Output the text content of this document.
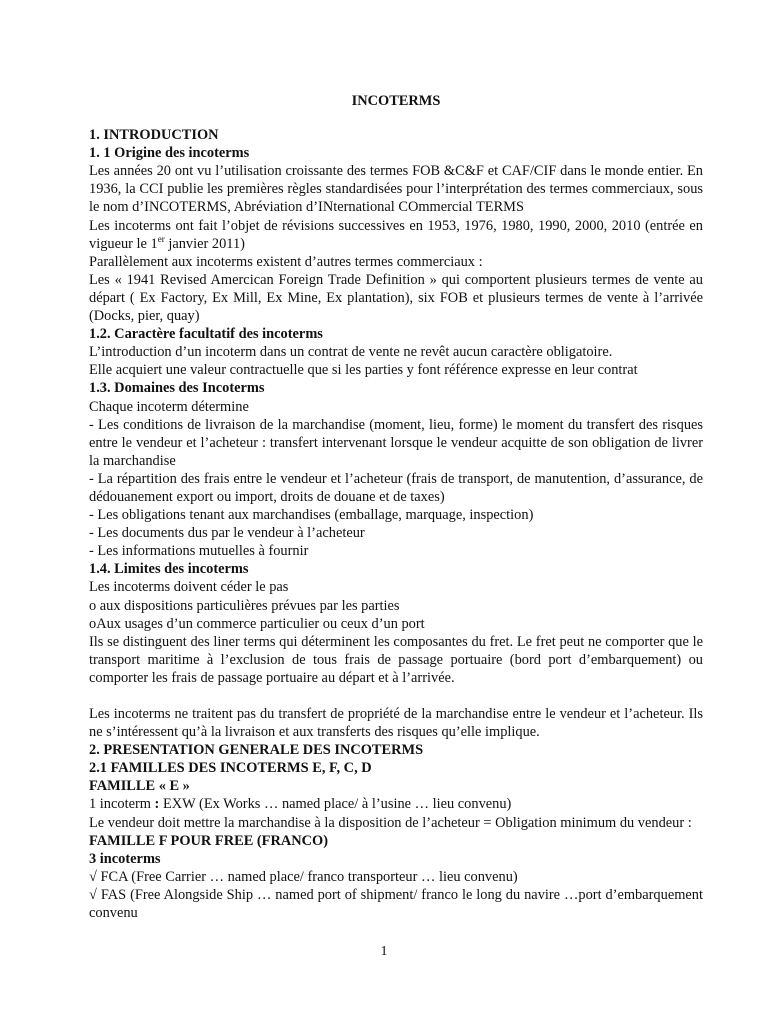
INCOTERMS

1. INTRODUCTION

1. 1 Origine des incoterms

Les années 20 ont vu l’utilisation croissante des termes FOB &C&F et CAF/CIF dans le monde entier. En 1936, la CCI publie les premières règles standardisées pour l’interprétation des termes commerciaux, sous le nom d’INCOTERMS, Abréviation d’INternational COmmercial TERMS

Les incoterms ont fait l’objet de révisions successives en 1953, 1976, 1980, 1990, 2000, 2010 (entrée en vigueur le 1er janvier 2011)

Parallèlement aux incoterms existent d’autres termes commerciaux :

Les « 1941 Revised Amercican Foreign Trade Definition » qui comportent plusieurs termes de vente au départ ( Ex Factory, Ex Mill, Ex Mine, Ex plantation), six FOB et plusieurs termes de vente à l’arrivée (Docks, pier, quay)

1.2. Caractère facultatif des incoterms

L’introduction d’un incoterm dans un contrat de vente ne revêt aucun caractère obligatoire.

Elle acquiert une valeur contractuelle que si les parties y font référence expresse en leur contrat

1.3. Domaines des Incoterms

Chaque incoterm détermine

- Les conditions de livraison de la marchandise (moment, lieu, forme) le moment du transfert des risques entre le vendeur et l’acheteur : transfert intervenant lorsque le vendeur acquitte de son obligation de livrer la marchandise

- La répartition des frais entre le vendeur et l’acheteur (frais de transport, de manutention, d’assurance, de dédouanement export ou import, droits de douane et de taxes)

- Les obligations tenant aux marchandises (emballage, marquage, inspection)

- Les documents dus par le vendeur à l’acheteur

- Les informations mutuelles à fournir

1.4. Limites des incoterms

Les incoterms doivent céder le pas

o aux dispositions particulières prévues par les parties

oAux usages d’un commerce particulier ou ceux d’un port

Ils se distinguent des liner terms qui déterminent les composantes du fret. Le fret peut ne comporter que le transport maritime à l’exclusion de tous frais de passage portuaire (bord port d’embarquement) ou comporter les frais de passage portuaire au départ et à l’arrivée.

Les incoterms ne traitent pas du transfert de propriété de la marchandise entre le vendeur et l’acheteur. Ils ne s’intéressent qu’à la livraison et aux transferts des risques qu’elle implique.

2. PRESENTATION GENERALE DES INCOTERMS

2.1 FAMILLES DES INCOTERMS E, F, C, D

FAMILLE « E »

1 incoterm : EXW (Ex Works … named place/ à l’usine … lieu convenu)

Le vendeur doit mettre la marchandise à la disposition de l’acheteur = Obligation minimum du vendeur :

FAMILLE F POUR FREE (FRANCO)

3 incoterms

√ FCA (Free Carrier … named place/ franco transporteur … lieu convenu)

√ FAS (Free Alongside Ship … named port of shipment/ franco le long du navire …port d’embarquement convenu

1
